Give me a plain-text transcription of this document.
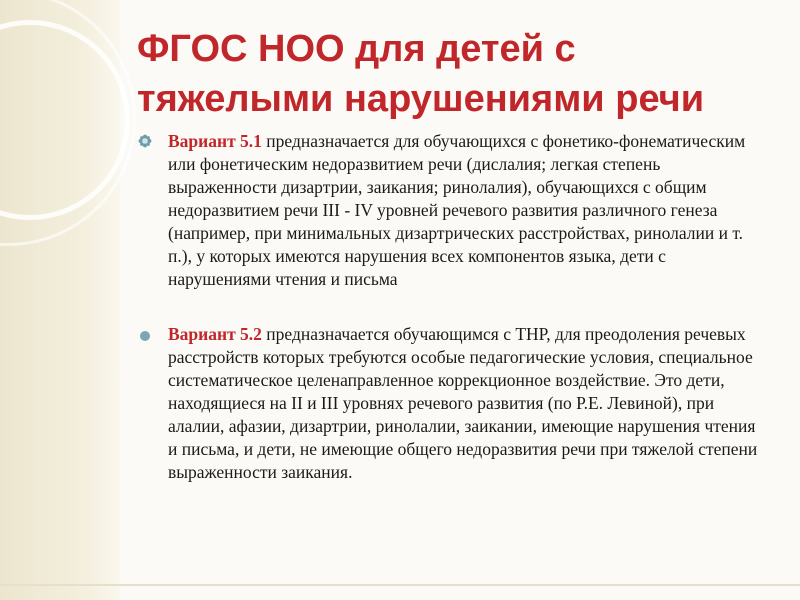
ФГОС НОО для детей с
тяжелыми нарушениями речи
Вариант 5.1 предназначается для обучающихся с фонетико-фонематическим или фонетическим недоразвитием речи (дислалия; легкая степень выраженности дизартрии, заикания; ринолалия), обучающихся с общим недоразвитием речи III - IV уровней речевого развития различного генеза (например, при минимальных дизартрических расстройствах, ринолалии и т. п.), у которых имеются нарушения всех компонентов языка, дети с нарушениями чтения и письма
Вариант 5.2 предназначается обучающимся с ТНР, для преодоления речевых расстройств которых требуются особые педагогические условия, специальное систематическое целенаправленное коррекционное воздействие. Это дети, находящиеся на II и III уровнях речевого развития (по Р.Е. Левиной), при алалии, афазии, дизартрии, ринолалии, заикании, имеющие нарушения чтения и письма, и дети, не имеющие общего недоразвития речи при тяжелой степени выраженности заикания.
